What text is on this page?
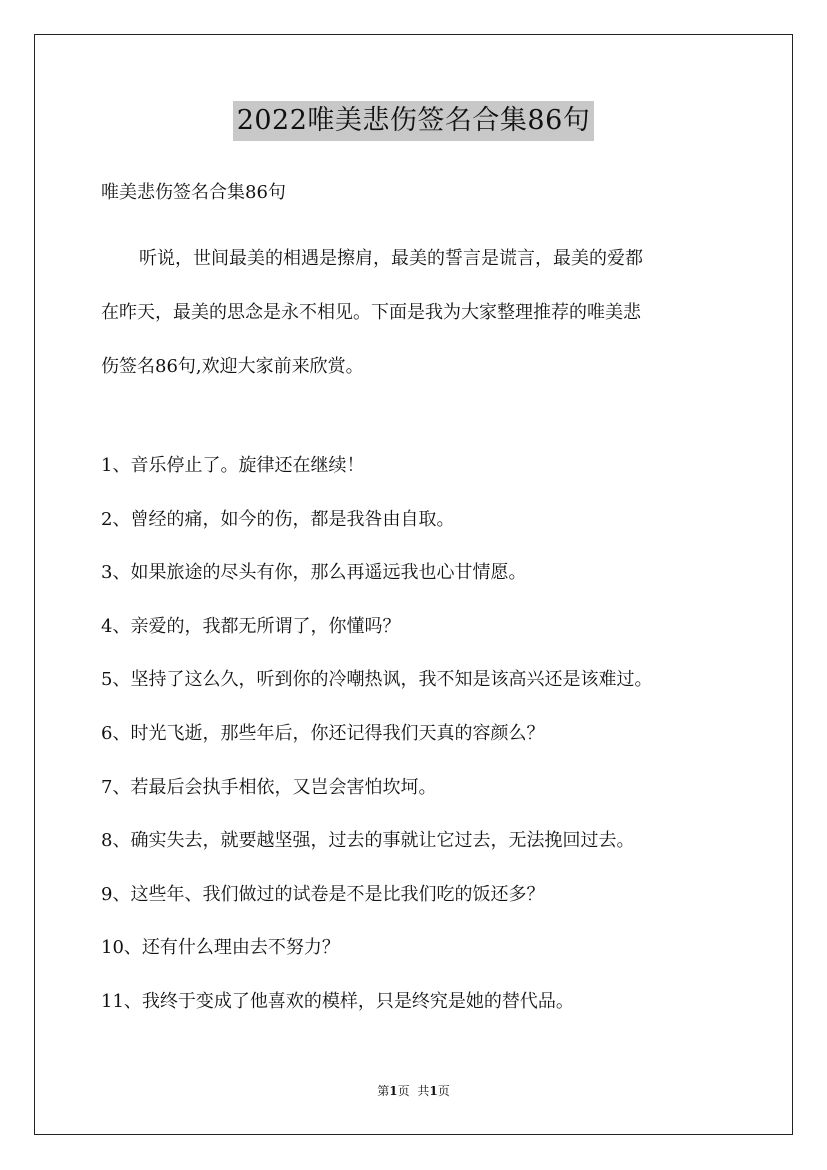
2022唯美悲伤签名合集86句
唯美悲伤签名合集86句
听说，世间最美的相遇是擦肩，最美的誓言是谎言，最美的爱都
在昨天，最美的思念是永不相见。下面是我为大家整理推荐的唯美悲
伤签名86句,欢迎大家前来欣赏。
1、音乐停止了。旋律还在继续！
2、曾经的痛，如今的伤，都是我咎由自取。
3、如果旅途的尽头有你，那么再遥远我也心甘情愿。
4、亲爱的，我都无所谓了，你懂吗？
5、坚持了这么久，听到你的冷嘲热讽，我不知是该高兴还是该难过。
6、时光飞逝，那些年后，你还记得我们天真的容颜么？
7、若最后会执手相依，又岂会害怕坎坷。
8、确实失去，就要越坚强，过去的事就让它过去，无法挽回过去。
9、这些年、我们做过的试卷是不是比我们吃的饭还多？
10、还有什么理由去不努力？
11、我终于变成了他喜欢的模样，只是终究是她的替代品。
第1页 共1页
